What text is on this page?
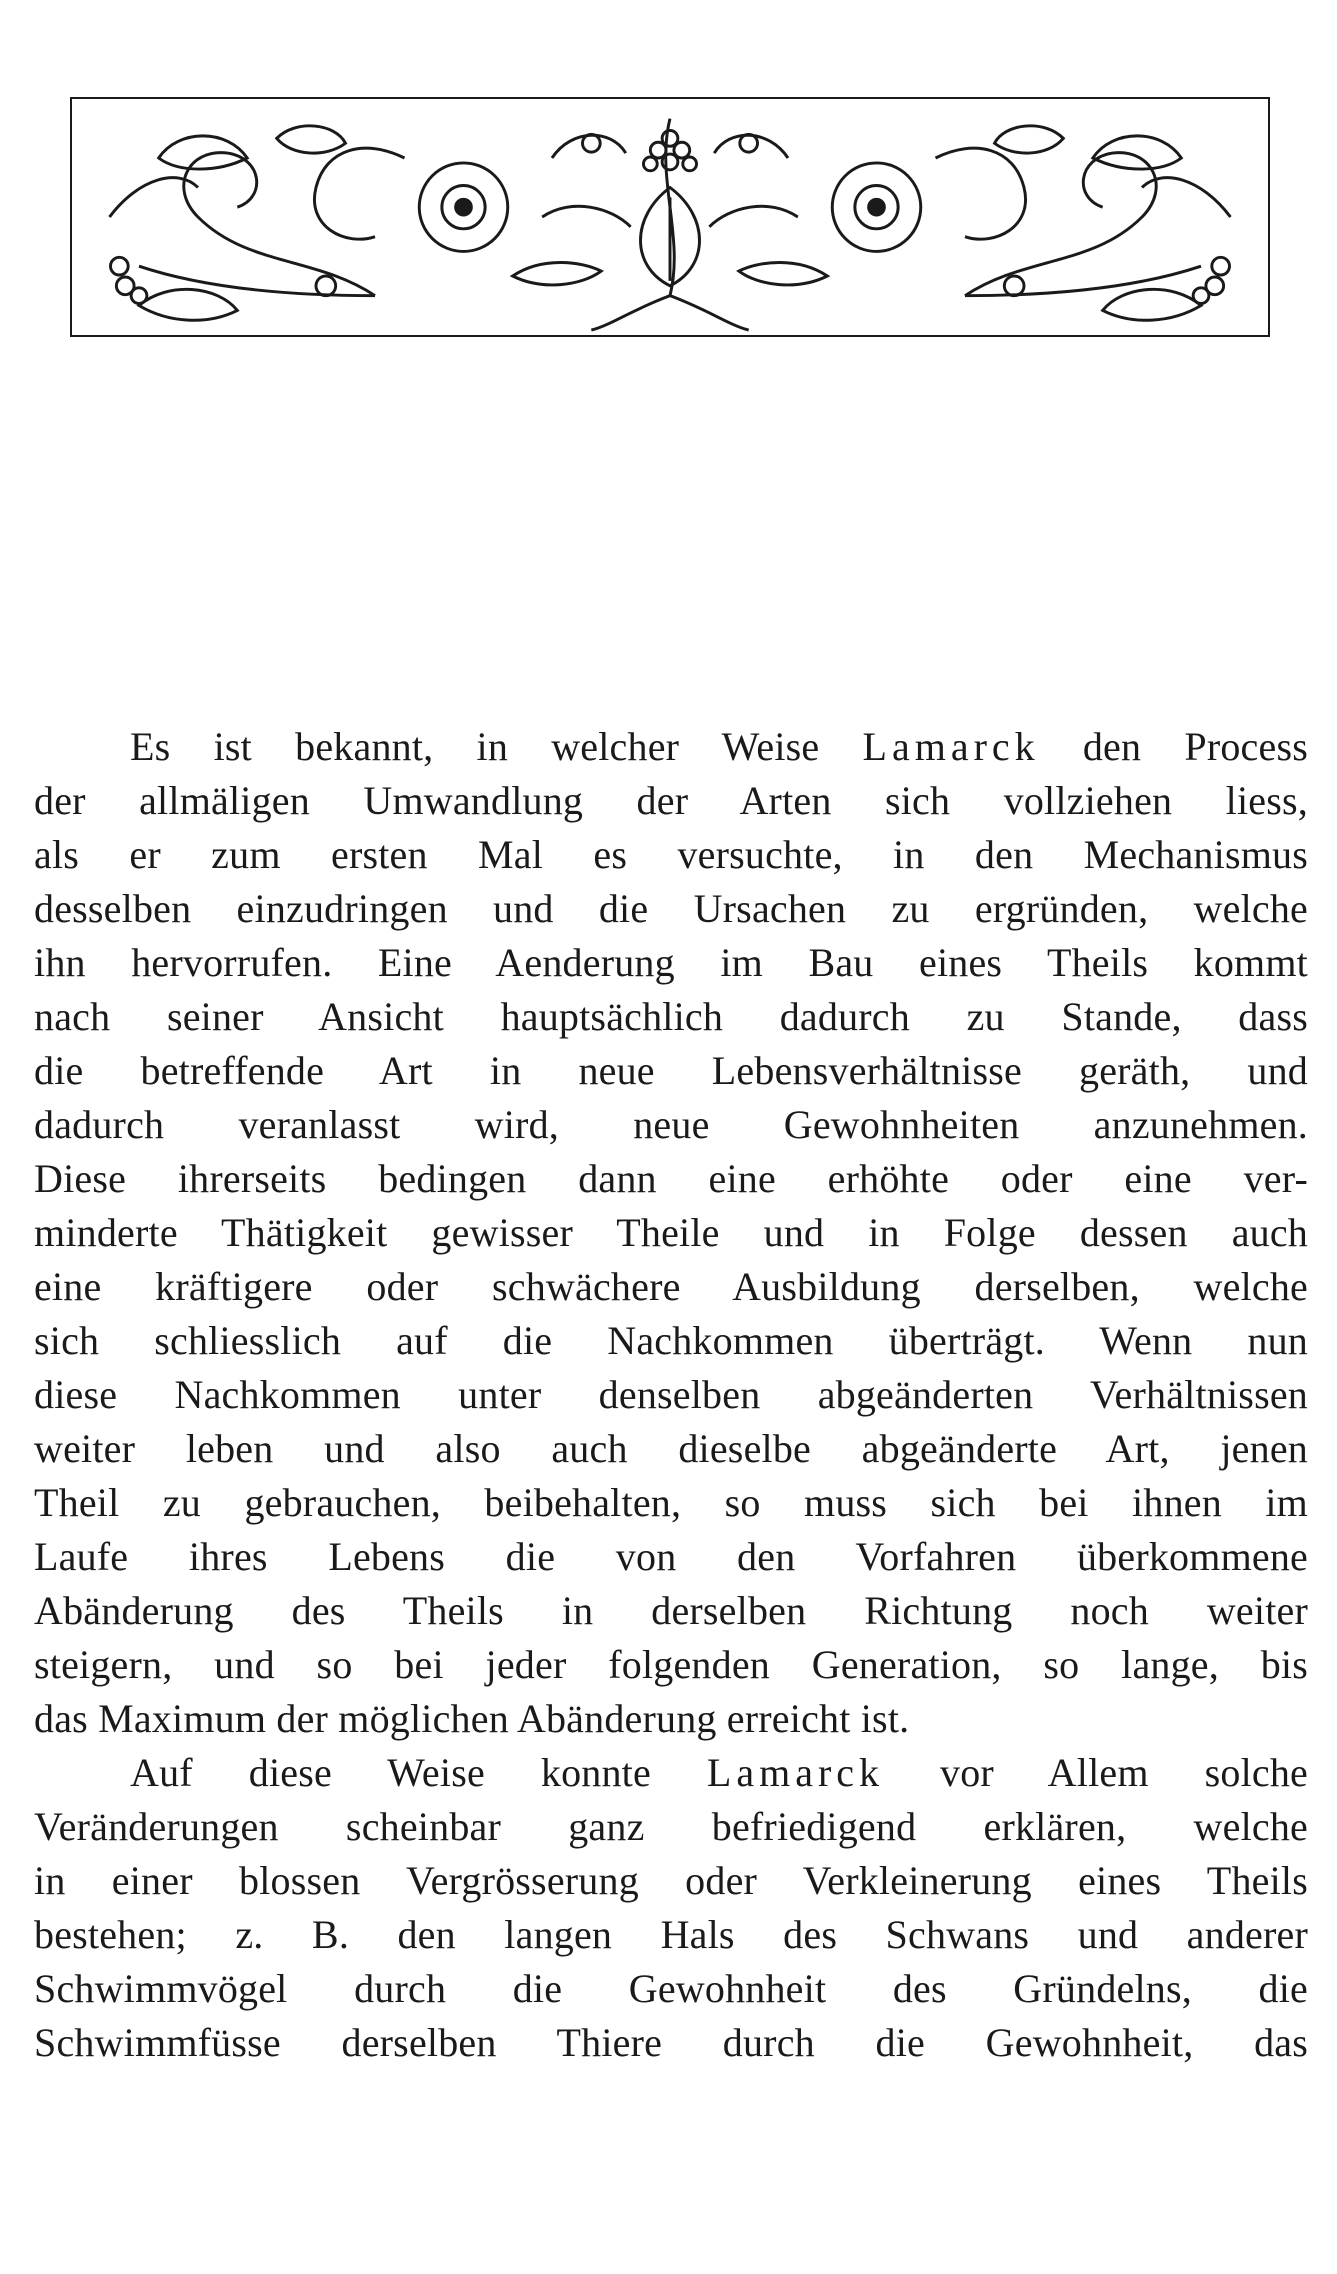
Es ist bekannt, in welcher Weise Lamarck den Process
der allmäligen Umwandlung der Arten sich vollziehen liess,
als er zum ersten Mal es versuchte, in den Mechanismus
desselben einzudringen und die Ursachen zu ergründen, welche
ihn hervorrufen. Eine Aenderung im Bau eines Theils kommt
nach seiner Ansicht hauptsächlich dadurch zu Stande, dass
die betreffende Art in neue Lebensverhältnisse geräth, und
dadurch veranlasst wird, neue Gewohnheiten anzunehmen.
Diese ihrerseits bedingen dann eine erhöhte oder eine ver-
minderte Thätigkeit gewisser Theile und in Folge dessen auch
eine kräftigere oder schwächere Ausbildung derselben, welche
sich schliesslich auf die Nachkommen überträgt. Wenn nun
diese Nachkommen unter denselben abgeänderten Verhältnissen
weiter leben und also auch dieselbe abgeänderte Art, jenen
Theil zu gebrauchen, beibehalten, so muss sich bei ihnen im
Laufe ihres Lebens die von den Vorfahren überkommene
Abänderung des Theils in derselben Richtung noch weiter
steigern, und so bei jeder folgenden Generation, so lange, bis
das Maximum der möglichen Abänderung erreicht ist.
Auf diese Weise konnte Lamarck vor Allem solche
Veränderungen scheinbar ganz befriedigend erklären, welche
in einer blossen Vergrösserung oder Verkleinerung eines Theils
bestehen; z. B. den langen Hals des Schwans und anderer
Schwimmvögel durch die Gewohnheit des Gründelns, die
Schwimmfüsse derselben Thiere durch die Gewohnheit, das
